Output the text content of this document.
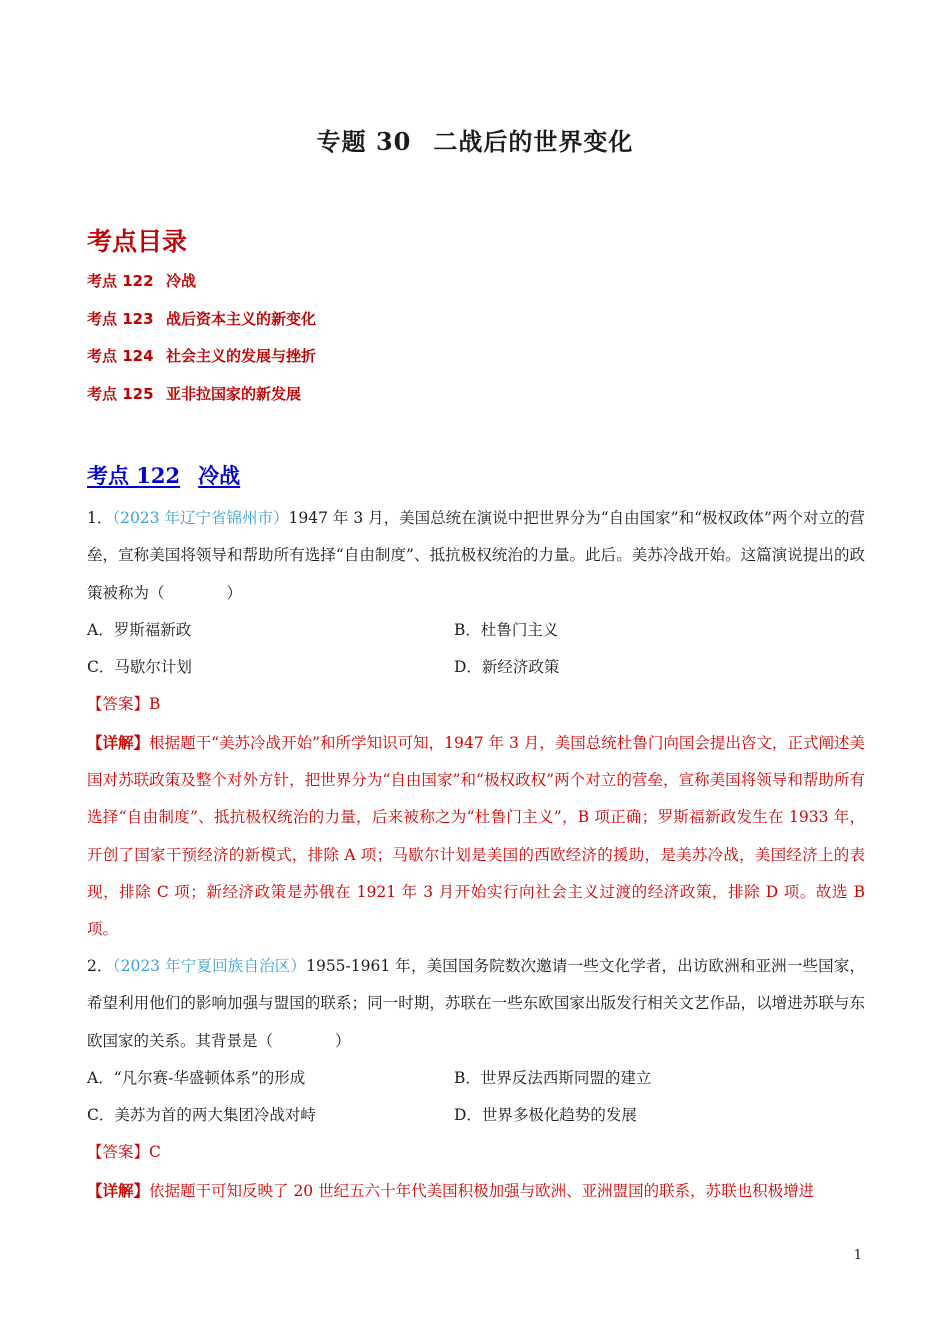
专题 30 二战后的世界变化
考点目录
考点 122 冷战
考点 123 战后资本主义的新变化
考点 124 社会主义的发展与挫折
考点 125 亚非拉国家的新发展
考点 122 冷战
1．（2023 年辽宁省锦州市）1947 年 3 月，美国总统在演说中把世界分为“自由国家”和“极权政体”两个对立的营垒，宣称美国将领导和帮助所有选择“自由制度”、抵抗极权统治的力量。此后。美苏冷战开始。这篇演说提出的政策被称为（　　　　）
A．罗斯福新政	B．杜鲁门主义
C．马歇尔计划	D．新经济政策
【答案】B
【详解】根据题干“美苏冷战开始”和所学知识可知，1947 年 3 月，美国总统杜鲁门向国会提出咨文，正式阐述美国对苏联政策及整个对外方针，把世界分为“自由国家”和“极权政权”两个对立的营垒，宣称美国将领导和帮助所有选择“自由制度”、抵抗极权统治的力量，后来被称之为“杜鲁门主义”，B 项正确；罗斯福新政发生在 1933 年，开创了国家干预经济的新模式，排除 A 项；马歇尔计划是美国的西欧经济的援助，是美苏冷战，美国经济上的表现，排除 C 项；新经济政策是苏俄在 1921 年 3 月开始实行向社会主义过渡的经济政策，排除 D 项。故选 B 项。
2．（2023 年宁夏回族自治区）1955-1961 年，美国国务院数次邀请一些文化学者，出访欧洲和亚洲一些国家，希望利用他们的影响加强与盟国的联系；同一时期，苏联在一些东欧国家出版发行相关文艺作品，以增进苏联与东欧国家的关系。其背景是（　　　　）
A．“凡尔赛-华盛顿体系”的形成	B．世界反法西斯同盟的建立
C．美苏为首的两大集团冷战对峙	D．世界多极化趋势的发展
【答案】C
【详解】依据题干可知反映了 20 世纪五六十年代美国积极加强与欧洲、亚洲盟国的联系，苏联也积极增进
1
